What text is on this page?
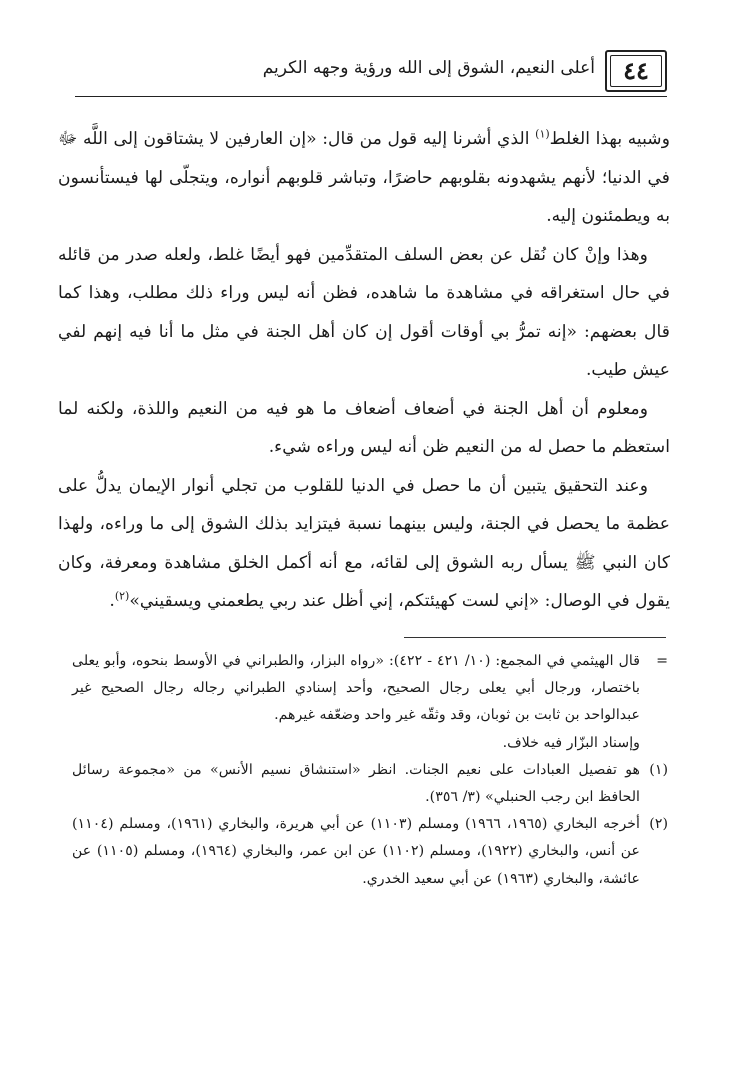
٤٤
أعلى النعيم، الشوق إلى الله ورؤية وجهه الكريم

وشبيه بهذا الغلط$^{(١)}$ الذي أشرنا إليه قول من قال: «إن العارفين لا يشتاقون إلى اللَّه ﷻ في الدنيا؛ لأنهم يشهدونه بقلوبهم حاضرًا، وتباشر قلوبهم أنواره، ويتجلّى لها فيستأنسون به ويطمئنون إليه.

وهذا وإنْ كان نُقل عن بعض السلف المتقدِّمين فهو أيضًا غلط، ولعله صدر من قائله في حال استغراقه في مشاهدة ما شاهده، فظن أنه ليس وراء ذلك مطلب، وهذا كما قال بعضهم: «إنه تمرُّ بي أوقات أقول إن كان أهل الجنة في مثل ما أنا فيه إنهم لفي عيش طيب.

ومعلوم أن أهل الجنة في أضعاف أضعاف ما هو فيه من النعيم واللذة، ولكنه لما استعظم ما حصل له من النعيم ظن أنه ليس وراءه شيء.

وعند التحقيق يتبين أن ما حصل في الدنيا للقلوب من تجلي أنوار الإيمان يدلُّ على عظمة ما يحصل في الجنة، وليس بينهما نسبة فيتزايد بذلك الشوق إلى ما وراءه، ولهذا كان النبي ﷺ يسأل ربه الشوق إلى لقائه، مع أنه أكمل الخلق مشاهدة ومعرفة، وكان يقول في الوصال: «إني لست كهيئتكم، إني أظل عند ربي يطعمني ويسقيني»$^{(٢)}$.

=
قال الهيثمي في المجمع: (١٠/ ٤٢١ - ٤٢٢): «رواه البزار، والطبراني في الأوسط بنحوه، وأبو يعلى باختصار، ورجال أبي يعلى رجال الصحيح، وأحد إسنادي الطبراني رجاله رجال الصحيح غير عبدالواحد بن ثابت بن ثوبان، وقد وثقّه غير واحد وضعّفه غيرهم.

وإسناد البزّار فيه خلاف.

(١)
هو تفصيل العبادات على نعيم الجنات. انظر «استنشاق نسيم الأنس» من «مجموعة رسائل الحافظ ابن رجب الحنبلي» (٣/ ٣٥٦).

(٢)
أخرجه البخاري (١٩٦٥، ١٩٦٦) ومسلم (١١٠٣) عن أبي هريرة، والبخاري (١٩٦١)، ومسلم (١١٠٤) عن أنس، والبخاري (١٩٢٢)، ومسلم (١١٠٢) عن ابن عمر، والبخاري (١٩٦٤)، ومسلم (١١٠٥) عن عائشة، والبخاري (١٩٦٣) عن أبي سعيد الخدري.
